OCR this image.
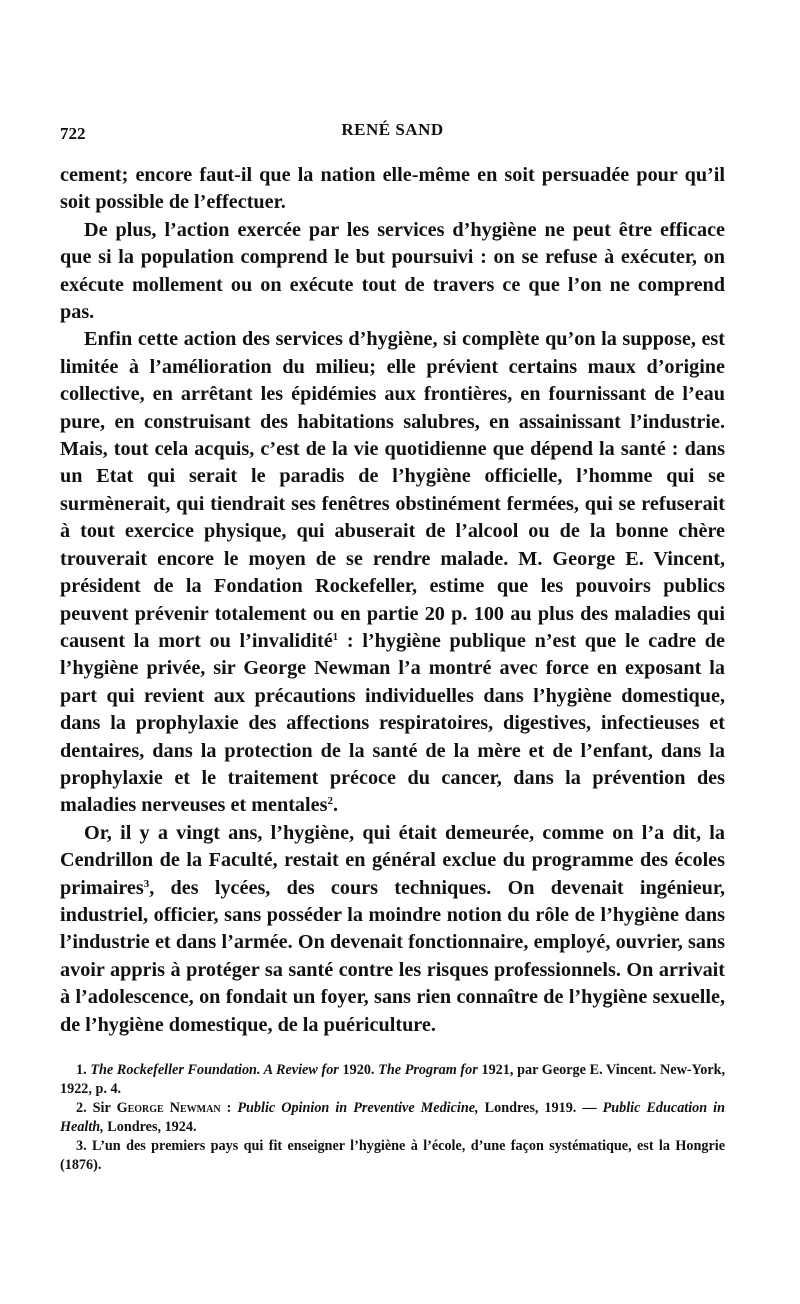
722	RENÉ SAND

cement; encore faut-il que la nation elle-même en soit persuadée pour qu’il soit possible de l’effectuer.

De plus, l’action exercée par les services d’hygiène ne peut être efficace que si la population comprend le but poursuivi : on se refuse à exécuter, on exécute mollement ou on exécute tout de travers ce que l’on ne comprend pas.

Enfin cette action des services d’hygiène, si complète qu’on la suppose, est limitée à l’amélioration du milieu; elle prévient certains maux d’origine collective, en arrêtant les épidémies aux frontières, en fournissant de l’eau pure, en construisant des habitations salubres, en assainissant l’industrie. Mais, tout cela acquis, c’est de la vie quotidienne que dépend la santé : dans un Etat qui serait le paradis de l’hygiène officielle, l’homme qui se surmènerait, qui tiendrait ses fenêtres obstinément fermées, qui se refuserait à tout exercice physique, qui abuserait de l’alcool ou de la bonne chère trouverait encore le moyen de se rendre malade. M. George E. Vincent, président de la Fondation Rockefeller, estime que les pouvoirs publics peuvent prévenir totalement ou en partie 20 p. 100 au plus des maladies qui causent la mort ou l’invalidité$^1$ : l’hygiène publique n’est que le cadre de l’hygiène privée, sir George Newman l’a montré avec force en exposant la part qui revient aux précautions individuelles dans l’hygiène domestique, dans la prophylaxie des affections respiratoires, digestives, infectieuses et dentaires, dans la protection de la santé de la mère et de l’enfant, dans la prophylaxie et le traitement précoce du cancer, dans la prévention des maladies nerveuses et mentales$^2$.

Or, il y a vingt ans, l’hygiène, qui était demeurée, comme on l’a dit, la Cendrillon de la Faculté, restait en général exclue du programme des écoles primaires$^3$, des lycées, des cours techniques. On devenait ingénieur, industriel, officier, sans posséder la moindre notion du rôle de l’hygiène dans l’industrie et dans l’armée. On devenait fonctionnaire, employé, ouvrier, sans avoir appris à protéger sa santé contre les risques professionnels. On arrivait à l’adolescence, on fondait un foyer, sans rien connaître de l’hygiène sexuelle, de l’hygiène domestique, de la puériculture.

1. The Rockefeller Foundation. A Review for 1920. The Program for 1921, par George E. Vincent. New-York, 1922, p. 4.

2. Sir George Newman : Public Opinion in Preventive Medicine, Londres, 1919. — Public Education in Health, Londres, 1924.

3. L’un des premiers pays qui fit enseigner l’hygiène à l’école, d’une façon systématique, est la Hongrie (1876).
